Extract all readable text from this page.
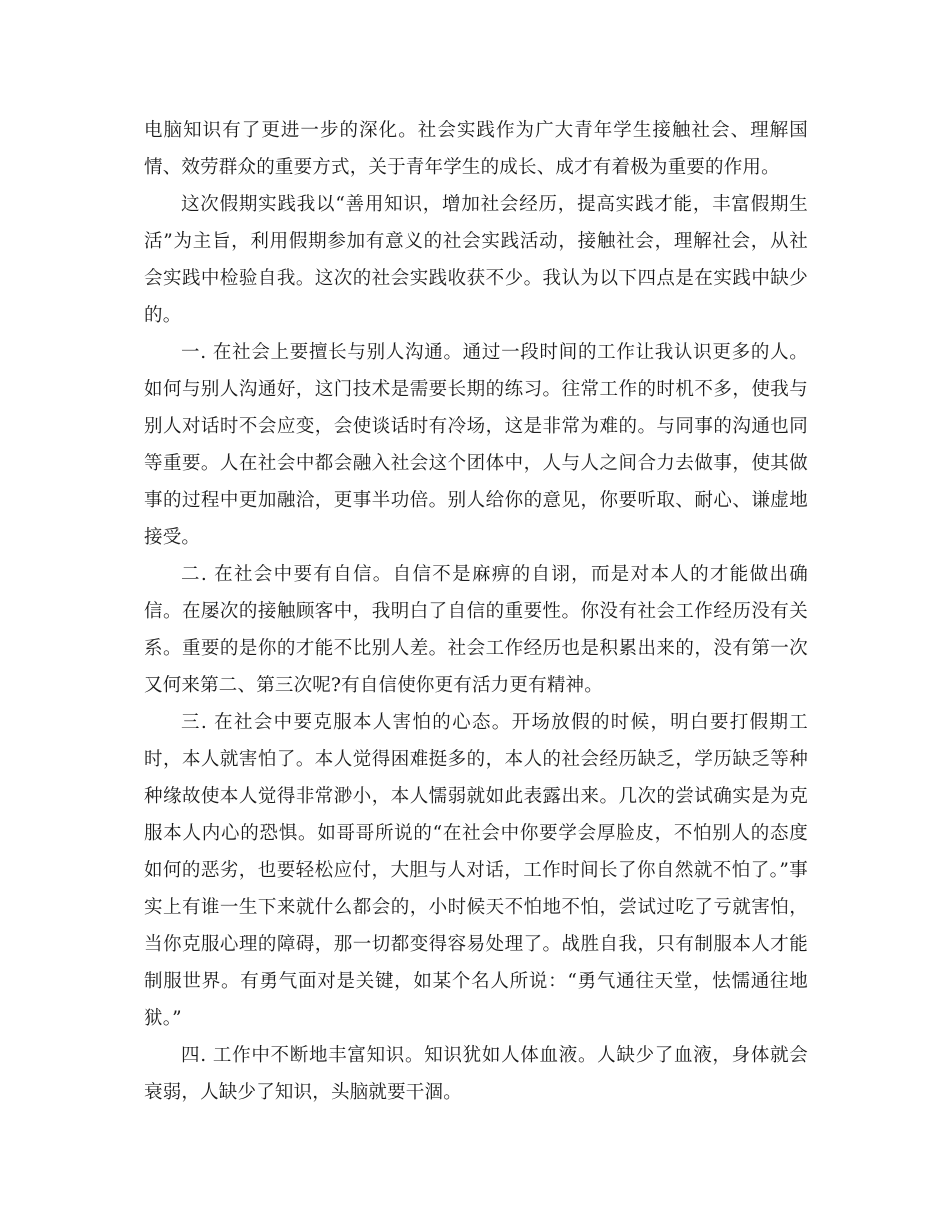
电脑知识有了更进一步的深化。社会实践作为广大青年学生接触社会、理解国情、效劳群众的重要方式，关于青年学生的成长、成才有着极为重要的作用。

这次假期实践我以“善用知识，增加社会经历，提高实践才能，丰富假期生活”为主旨，利用假期参加有意义的社会实践活动，接触社会，理解社会，从社会实践中检验自我。这次的社会实践收获不少。我认为以下四点是在实践中缺少的。

一. 在社会上要擅长与别人沟通。通过一段时间的工作让我认识更多的人。如何与别人沟通好，这门技术是需要长期的练习。往常工作的时机不多，使我与别人对话时不会应变，会使谈话时有冷场，这是非常为难的。与同事的沟通也同等重要。人在社会中都会融入社会这个团体中，人与人之间合力去做事，使其做事的过程中更加融洽，更事半功倍。别人给你的意见，你要听取、耐心、谦虚地接受。

二. 在社会中要有自信。自信不是麻痹的自诩，而是对本人的才能做出确信。在屡次的接触顾客中，我明白了自信的重要性。你没有社会工作经历没有关系。重要的是你的才能不比别人差。社会工作经历也是积累出来的，没有第一次又何来第二、第三次呢?有自信使你更有活力更有精神。

三. 在社会中要克服本人害怕的心态。开场放假的时候，明白要打假期工时，本人就害怕了。本人觉得困难挺多的，本人的社会经历缺乏，学历缺乏等种种缘故使本人觉得非常渺小，本人懦弱就如此表露出来。几次的尝试确实是为克服本人内心的恐惧。如哥哥所说的“在社会中你要学会厚脸皮，不怕别人的态度如何的恶劣，也要轻松应付，大胆与人对话，工作时间长了你自然就不怕了。”事实上有谁一生下来就什么都会的，小时候天不怕地不怕，尝试过吃了亏就害怕，当你克服心理的障碍，那一切都变得容易处理了。战胜自我，只有制服本人才能制服世界。有勇气面对是关键，如某个名人所说：“勇气通往天堂，怯懦通往地狱。”

四. 工作中不断地丰富知识。知识犹如人体血液。人缺少了血液，身体就会衰弱，人缺少了知识，头脑就要干涸。
